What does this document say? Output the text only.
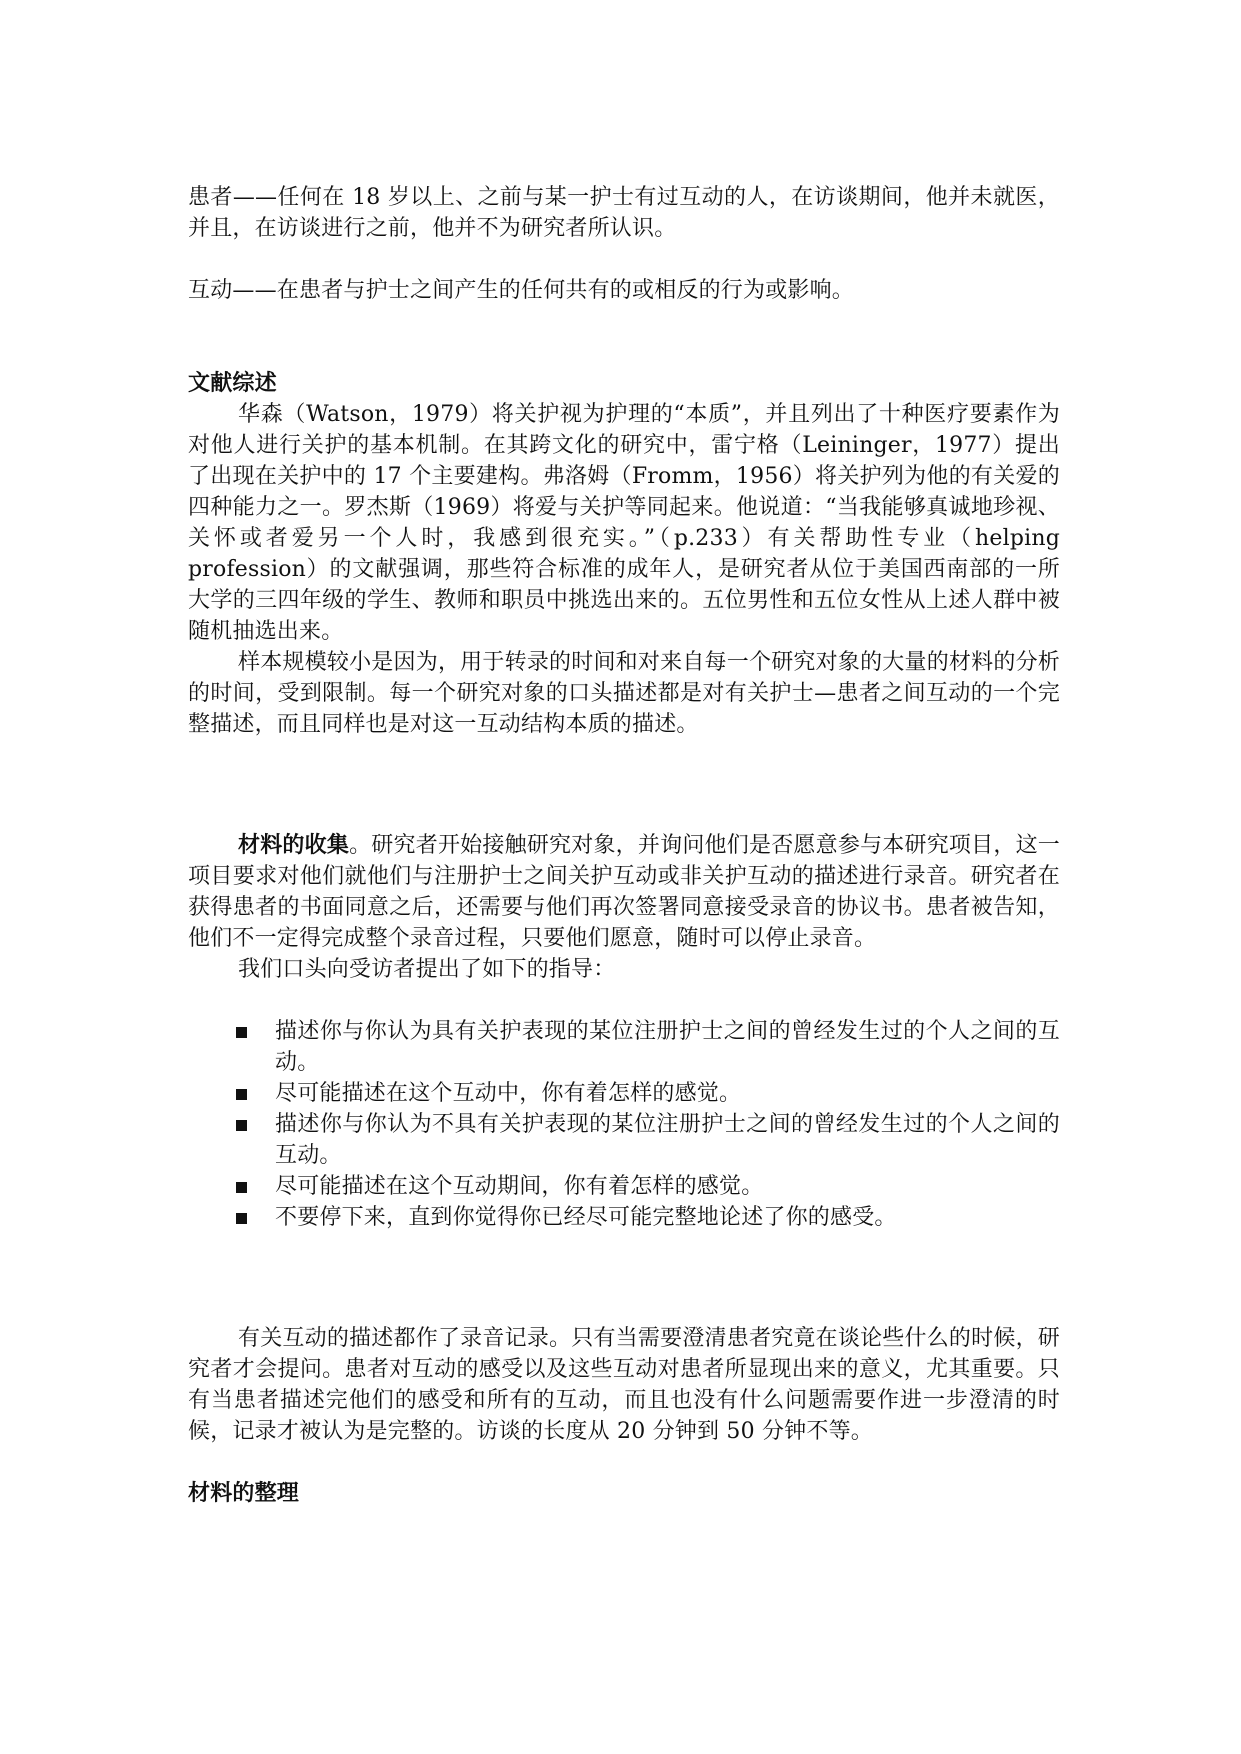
患者——任何在 18 岁以上、之前与某一护士有过互动的人，在访谈期间，他并未就医，并且，在访谈进行之前，他并不为研究者所认识。

互动——在患者与护士之间产生的任何共有的或相反的行为或影响。

文献综述

华森（Watson，1979）将关护视为护理的“本质”，并且列出了十种医疗要素作为对他人进行关护的基本机制。在其跨文化的研究中，雷宁格（Leininger，1977）提出了出现在关护中的 17 个主要建构。弗洛姆（Fromm，1956）将关护列为他的有关爱的四种能力之一。罗杰斯（1969）将爱与关护等同起来。他说道：“当我能够真诚地珍视、关怀或者爱另一个人时，我感到很充实。”（p.233）有关帮助性专业（helping profession）的文献强调，那些符合标准的成年人，是研究者从位于美国西南部的一所大学的三四年级的学生、教师和职员中挑选出来的。五位男性和五位女性从上述人群中被随机抽选出来。

样本规模较小是因为，用于转录的时间和对来自每一个研究对象的大量的材料的分析的时间，受到限制。每一个研究对象的口头描述都是对有关护士—患者之间互动的一个完整描述，而且同样也是对这一互动结构本质的描述。

材料的收集。研究者开始接触研究对象，并询问他们是否愿意参与本研究项目，这一项目要求对他们就他们与注册护士之间关护互动或非关护互动的描述进行录音。研究者在获得患者的书面同意之后，还需要与他们再次签署同意接受录音的协议书。患者被告知，他们不一定得完成整个录音过程，只要他们愿意，随时可以停止录音。

我们口头向受访者提出了如下的指导：

描述你与你认为具有关护表现的某位注册护士之间的曾经发生过的个人之间的互动。
尽可能描述在这个互动中，你有着怎样的感觉。
描述你与你认为不具有关护表现的某位注册护士之间的曾经发生过的个人之间的互动。
尽可能描述在这个互动期间，你有着怎样的感觉。
不要停下来，直到你觉得你已经尽可能完整地论述了你的感受。

有关互动的描述都作了录音记录。只有当需要澄清患者究竟在谈论些什么的时候，研究者才会提问。患者对互动的感受以及这些互动对患者所显现出来的意义，尤其重要。只有当患者描述完他们的感受和所有的互动，而且也没有什么问题需要作进一步澄清的时候，记录才被认为是完整的。访谈的长度从 20 分钟到 50 分钟不等。

材料的整理
